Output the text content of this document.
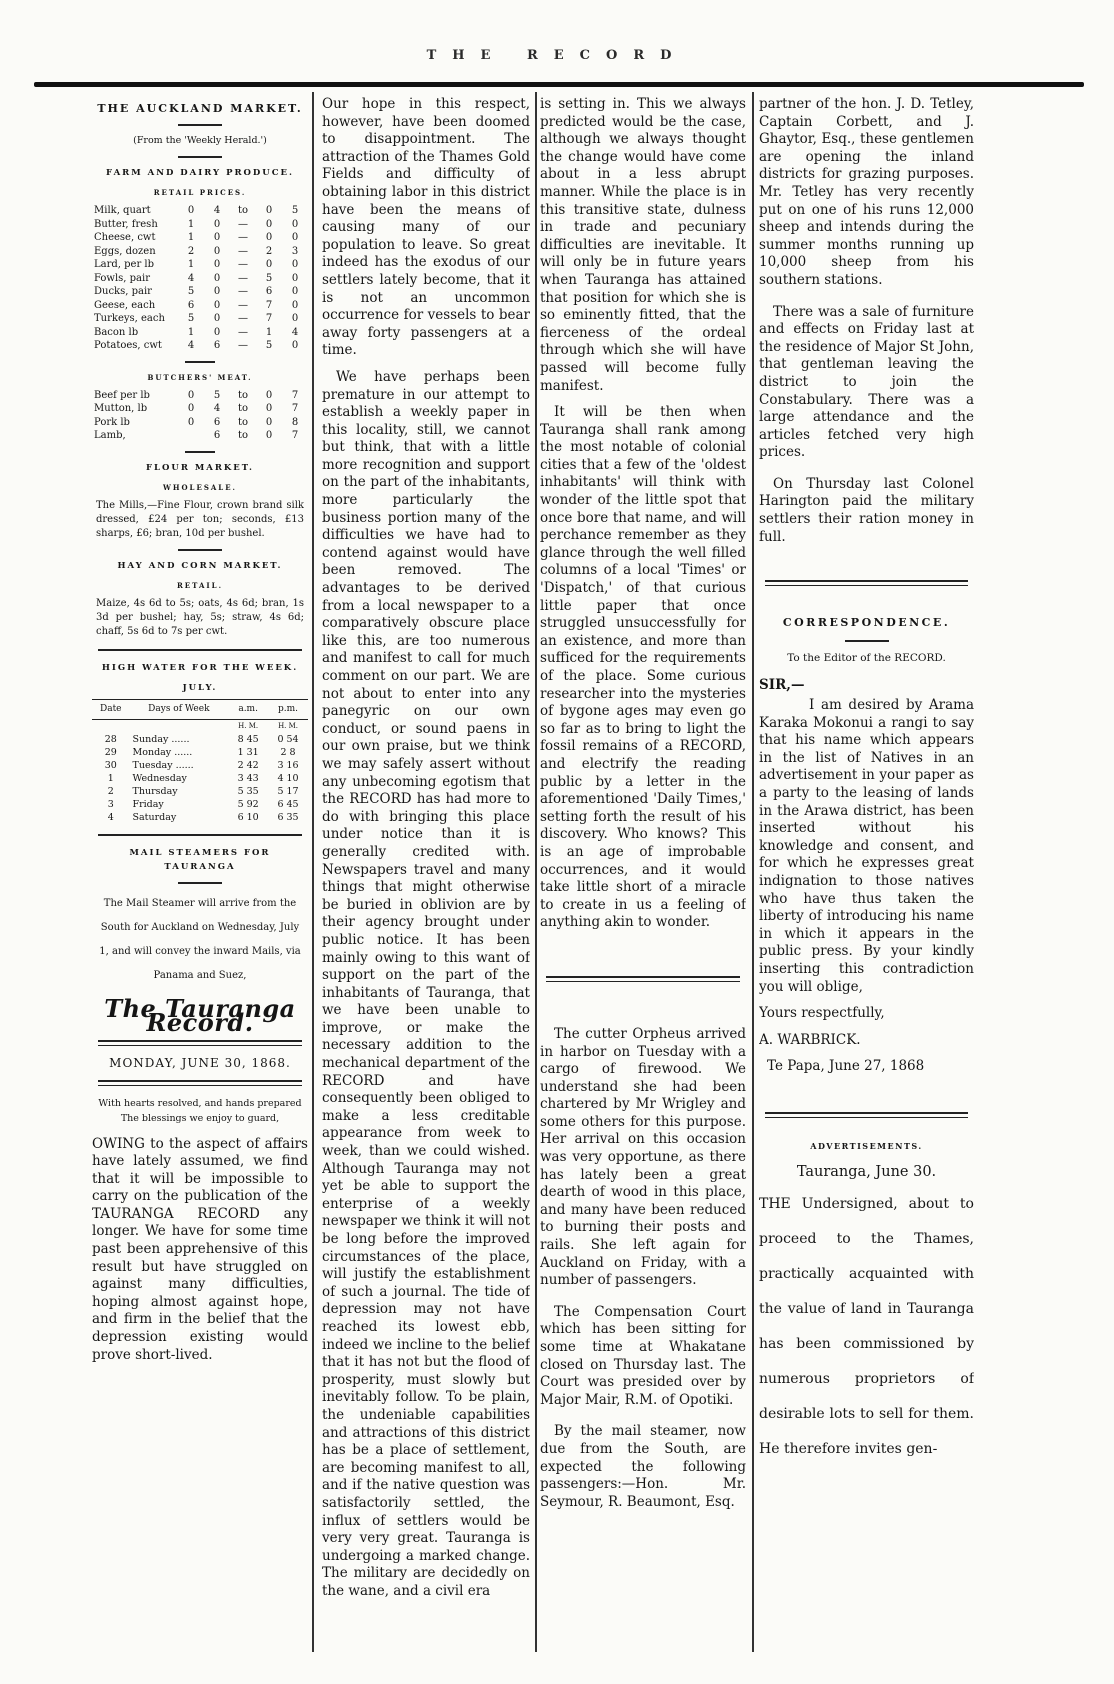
THE RECORD
THE AUCKLAND MARKET.
(From the 'Weekly Herald.')
FARM AND DAIRY PRODUCE.
RETAIL PRICES.
Milk, quart	0	4	to	0	5
Butter, fresh	1	0	—	0	0
Cheese, cwt	1	0	—	0	0
Eggs, dozen	2	0	—	2	3
Lard, per lb	1	0	—	0	0
Fowls, pair	4	0	—	5	0
Ducks, pair	5	0	—	6	0
Geese, each	6	0	—	7	0
Turkeys, each	5	0	—	7	0
Bacon lb	1	0	—	1	4
Potatoes, cwt	4	6	—	5	0
BUTCHERS' MEAT.
Beef per lb	0	5	to	0	7
Mutton, lb	0	4	to	0	7
Pork lb	0	6	to	0	8
Lamb,		6	to	0	7
FLOUR MARKET.
WHOLESALE.
The Mills,—Fine Flour, crown brand silk dressed, £24 per ton; seconds, £13 sharps, £6; bran, 10d per bushel.
HAY AND CORN MARKET.
RETAIL.
Maize, 4s 6d to 5s; oats, 4s 6d; bran, 1s 3d per bushel; hay, 5s; straw, 4s 6d; chaff, 5s 6d to 7s per cwt.
HIGH WATER FOR THE WEEK.
JULY.
Date	Days of Week	a.m.	p.m.
		H. M.	H. M.
28	Sunday ......	8 45	0 54
29	Monday ......	1 31	2 8
30	Tuesday ......	2 42	3 16
1	Wednesday	3 43	4 10
2	Thursday	5 35	5 17
3	Friday	5 92	6 45
4	Saturday	6 10	6 35
MAIL STEAMERS FOR TAURANGA
The Mail Steamer will arrive from the South for Auckland on Wednesday, July 1, and will convey the inward Mails, via Panama and Suez,
The Tauranga Record.
MONDAY, JUNE 30, 1868.
With hearts resolved, and hands prepared
The blessings we enjoy to guard,

OWING to the aspect of affairs have lately assumed, we find that it will be impossible to carry on the publication of the TAURANGA RECORD any longer. We have for some time past been apprehensive of this result but have struggled on against many difficulties, hoping almost against hope, and firm in the belief that the depression existing would prove short-lived.

Our hope in this respect, however, have been doomed to disappointment. The attraction of the Thames Gold Fields and difficulty of obtaining labor in this district have been the means of causing many of our population to leave. So great indeed has the exodus of our settlers lately become, that it is not an uncommon occurrence for vessels to bear away forty passengers at a time.

We have perhaps been premature in our attempt to establish a weekly paper in this locality, still, we cannot but think, that with a little more recognition and support on the part of the inhabitants, more particularly the business portion many of the difficulties we have had to contend against would have been removed. The advantages to be derived from a local newspaper to a comparatively obscure place like this, are too numerous and manifest to call for much comment on our part. We are not about to enter into any panegyric on our own conduct, or sound paens in our own praise, but we think we may safely assert without any unbecoming egotism that the RECORD has had more to do with bringing this place under notice than it is generally credited with. Newspapers travel and many things that might otherwise be buried in oblivion are by their agency brought under public notice. It has been mainly owing to this want of support on the part of the inhabitants of Tauranga, that we have been unable to improve, or make the necessary addition to the mechanical department of the RECORD and have consequently been obliged to make a less creditable appearance from week to week, than we could wished. Although Tauranga may not yet be able to support the enterprise of a weekly newspaper we think it will not be long before the improved circumstances of the place, will justify the establishment of such a journal. The tide of depression may not have reached its lowest ebb, indeed we incline to the belief that it has not but the flood of prosperity, must slowly but inevitably follow. To be plain, the undeniable capabilities and attractions of this district has be a place of settlement, are becoming manifest to all, and if the native question was satisfactorily settled, the influx of settlers would be very very great. Tauranga is undergoing a marked change. The military are decidedly on the wane, and a civil era

is setting in. This we always predicted would be the case, although we always thought the change would have come about in a less abrupt manner. While the place is in this transitive state, dulness in trade and pecuniary difficulties are inevitable. It will only be in future years when Tauranga has attained that position for which she is so eminently fitted, that the fierceness of the ordeal through which she will have passed will become fully manifest.

It will be then when Tauranga shall rank among the most notable of colonial cities that a few of the 'oldest inhabitants' will think with wonder of the little spot that once bore that name, and will perchance remember as they glance through the well filled columns of a local 'Times' or 'Dispatch,' of that curious little paper that once struggled unsuccessfully for an existence, and more than sufficed for the requirements of the place. Some curious researcher into the mysteries of bygone ages may even go so far as to bring to light the fossil remains of a RECORD, and electrify the reading public by a letter in the aforementioned 'Daily Times,' setting forth the result of his discovery. Who knows? This is an age of improbable occurrences, and it would take little short of a miracle to create in us a feeling of anything akin to wonder.

The cutter Orpheus arrived in harbor on Tuesday with a cargo of firewood. We understand she had been chartered by Mr Wrigley and some others for this purpose. Her arrival on this occasion was very opportune, as there has lately been a great dearth of wood in this place, and many have been reduced to burning their posts and rails. She left again for Auckland on Friday, with a number of passengers.

The Compensation Court which has been sitting for some time at Whakatane closed on Thursday last. The Court was presided over by Major Mair, R.M. of Opotiki.

By the mail steamer, now due from the South, are expected the following passengers:—Hon. Mr. Seymour, R. Beaumont, Esq.

partner of the hon. J. D. Tetley, Captain Corbett, and J. Ghaytor, Esq., these gentlemen are opening the inland districts for grazing purposes. Mr. Tetley has very recently put on one of his runs 12,000 sheep and intends during the summer months running up 10,000 sheep from his southern stations.

There was a sale of furniture and effects on Friday last at the residence of Major St John, that gentleman leaving the district to join the Constabulary. There was a large attendance and the articles fetched very high prices.

On Thursday last Colonel Harington paid the military settlers their ration money in full.

CORRESPONDENCE.
To the Editor of the RECORD.
SIR,—

I am desired by Arama Karaka Mokonui a rangi to say that his name which appears in the list of Natives in an advertisement in your paper as a party to the leasing of lands in the Arawa district, has been inserted without his knowledge and consent, and for which he expresses great indignation to those natives who have thus taken the liberty of introducing his name in which it appears in the public press. By your kindly inserting this contradiction you will oblige,

Yours respectfully,

A. WARBRICK.

Te Papa, June 27, 1868

ADVERTISEMENTS.
Tauranga, June 30.

THE Undersigned, about to proceed to the Thames, practically acquainted with the value of land in Tauranga has been commissioned by numerous proprietors of desirable lots to sell for them. He therefore invites gen-
